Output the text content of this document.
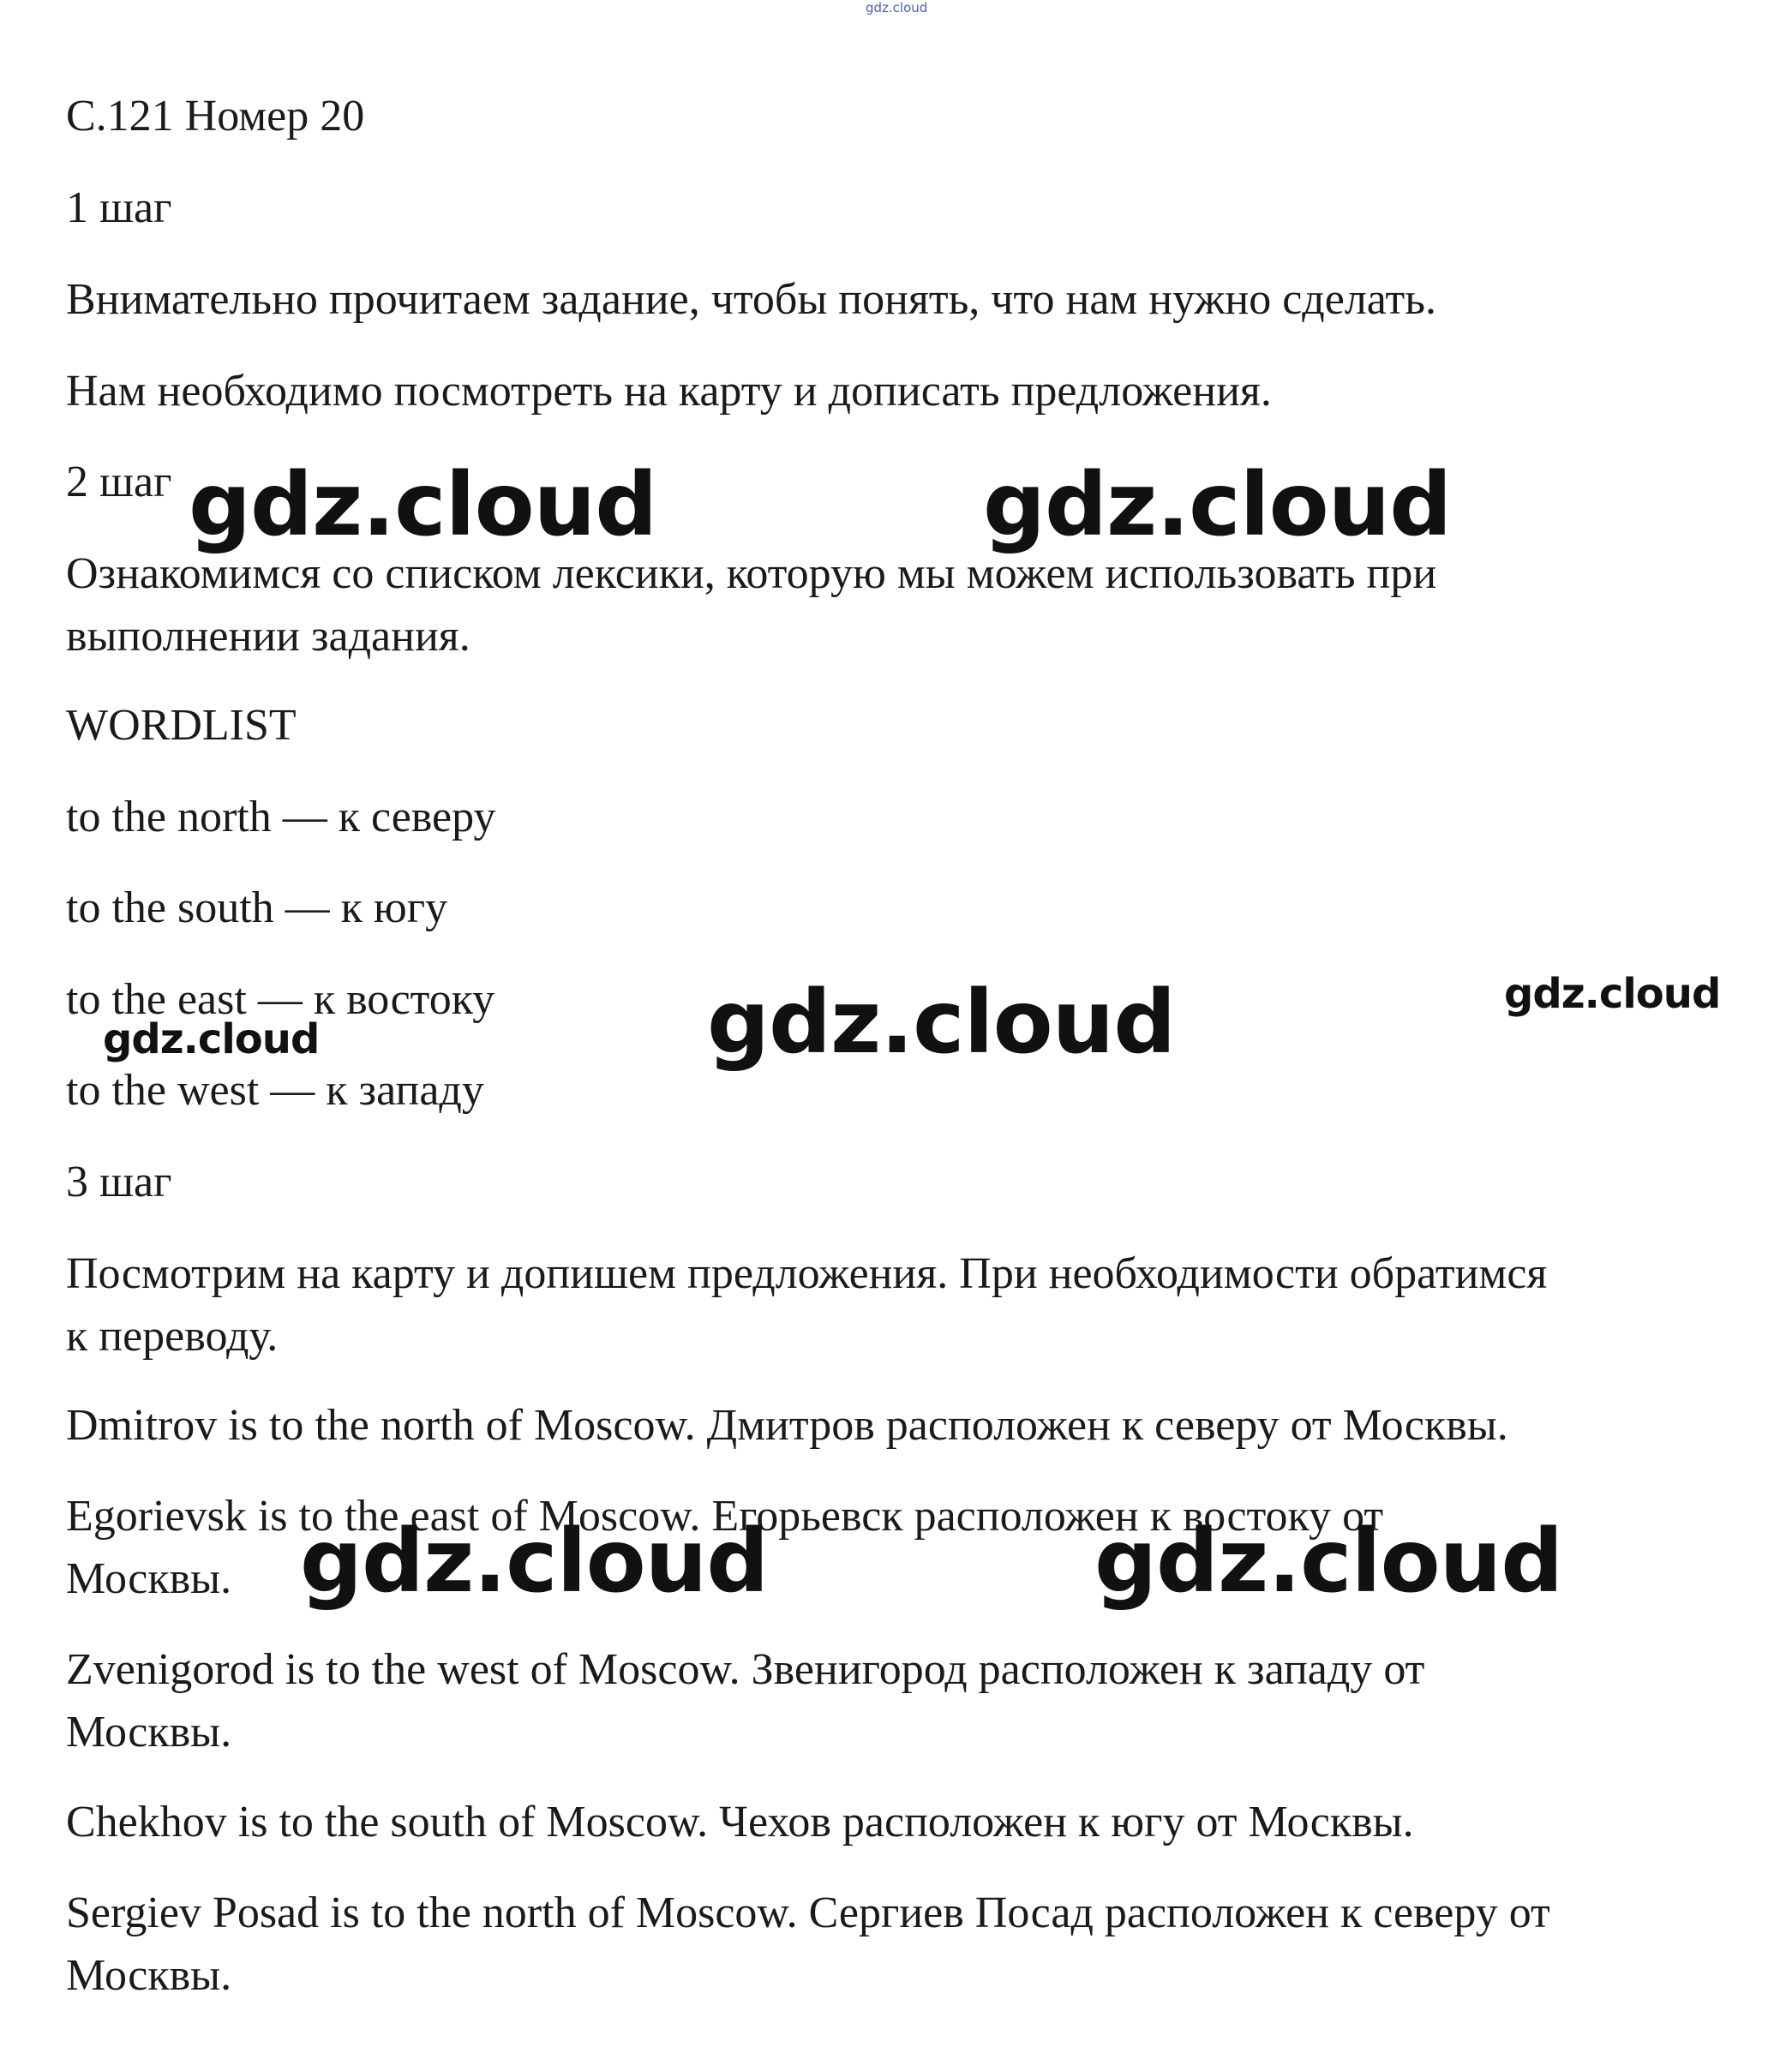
gdz.cloud

С.121 Номер 20

1 шаг

Внимательно прочитаем задание, чтобы понять, что нам нужно сделать.

Нам необходимо посмотреть на карту и дописать предложения.

2 шаг

Ознакомимся со списком лексики, которую мы можем использовать при

выполнении задания.

WORDLIST

to the north — к северу

to the south — к югу

to the east — к востоку

to the west — к западу

3 шаг

Посмотрим на карту и допишем предложения. При необходимости обратимся

к переводу.

Dmitrov is to the north of Moscow. Дмитров расположен к северу от Москвы.

Egorievsk is to the east of Moscow. Егорьевск расположен к востоку от

Москвы.

Zvenigorod is to the west of Moscow. Звенигород расположен к западу от

Москвы.

Chekhov is to the south of Moscow. Чехов расположен к югу от Москвы.

Sergiev Posad is to the north of Moscow. Сергиев Посад расположен к северу от

Москвы.

gdz.cloud	gdz.cloud
gdz.cloud
gdz.cloud
gdz.cloud
gdz.cloud	gdz.cloud
